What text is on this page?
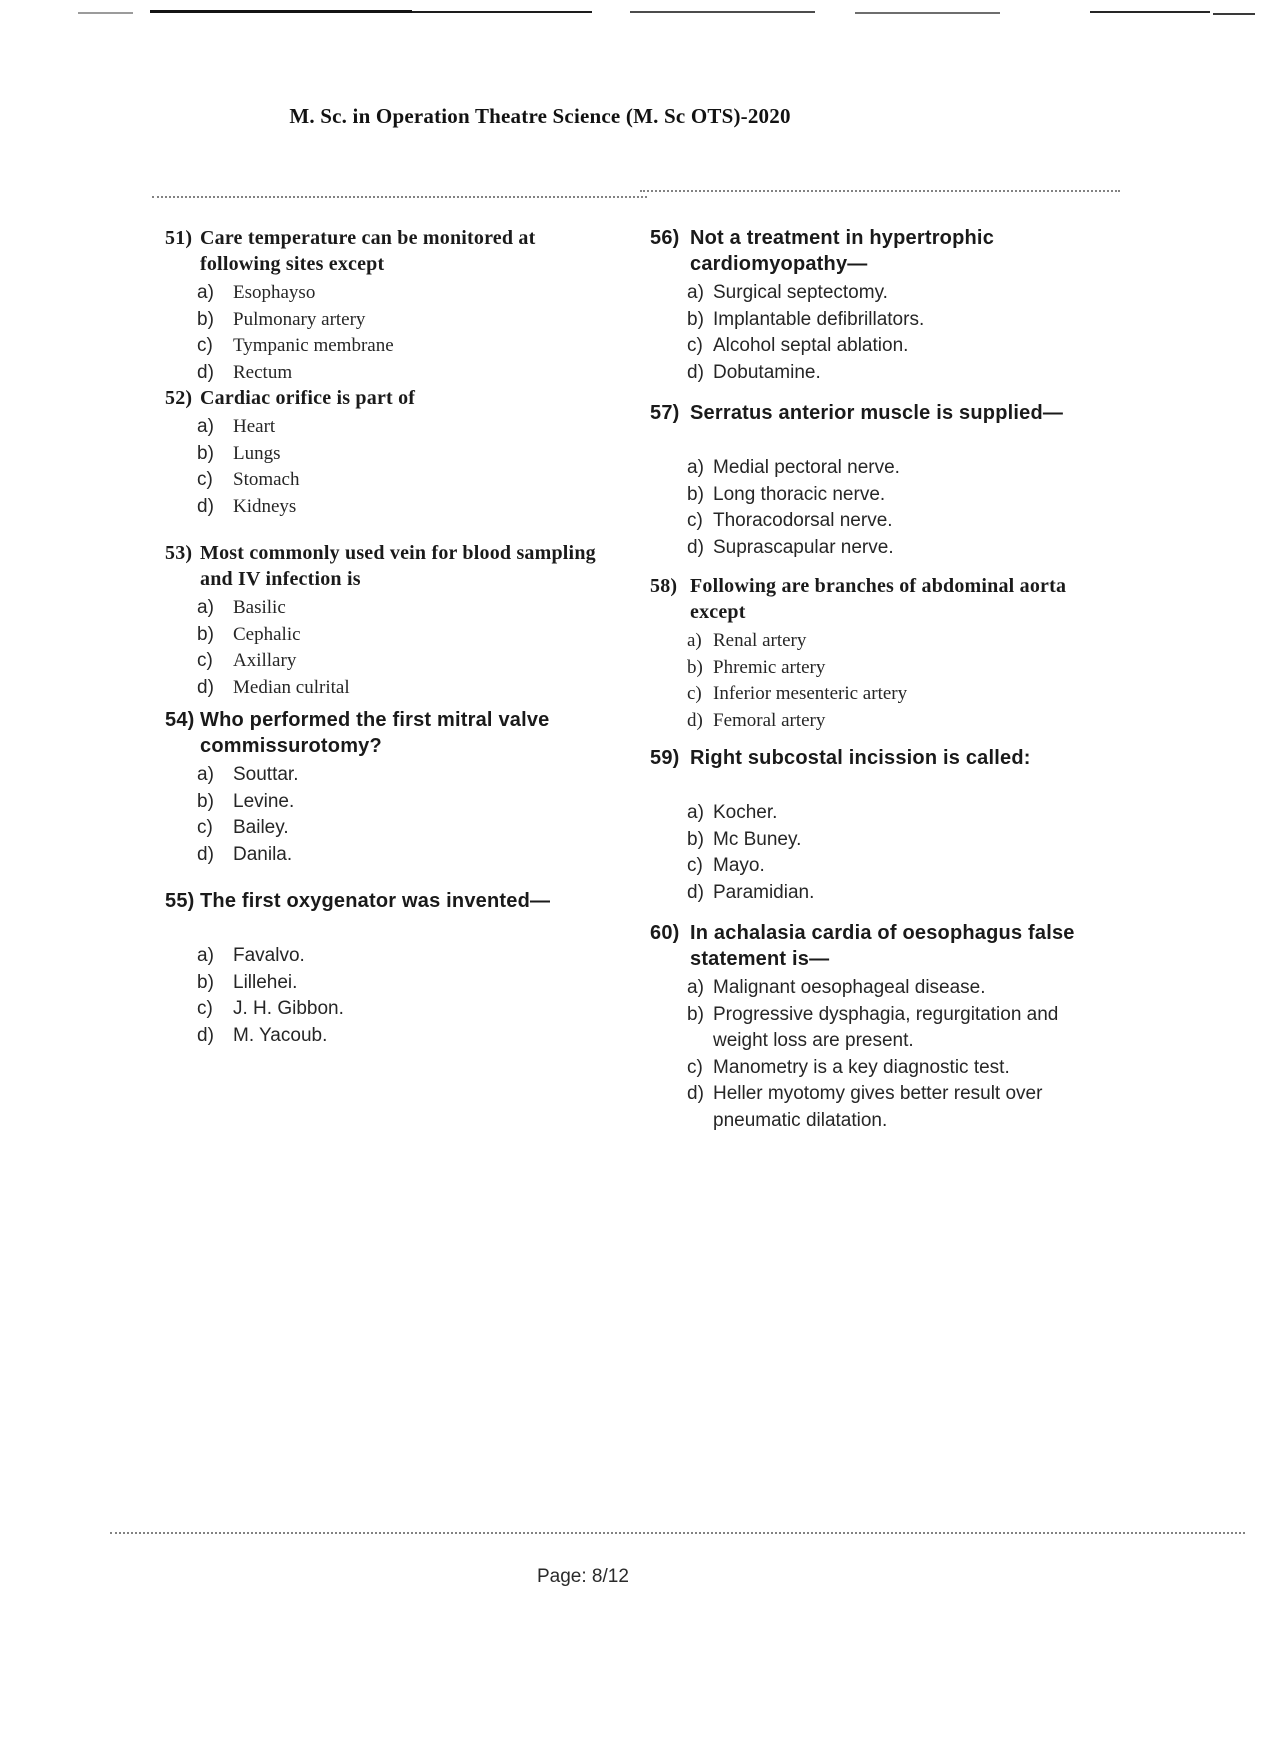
M. Sc. in Operation Theatre Science (M. Sc OTS)-2020
51) Care temperature can be monitored at following sites except
a)	Esophayso
b)	Pulmonary artery
c)	Tympanic membrane
d)	Rectum
52) Cardiac orifice is part of
a)	Heart
b)	Lungs
c)	Stomach
d)	Kidneys
53) Most commonly used vein for blood sampling and IV infection is
a)	Basilic
b)	Cephalic
c)	Axillary
d)	Median culrital
54) Who performed the first mitral valve commissurotomy?
a)	Souttar.
b)	Levine.
c)	Bailey.
d)	Danila.
55) The first oxygenator was invented—
a)	Favalvo.
b)	Lillehei.
c)	J. H. Gibbon.
d)	M. Yacoub.
56) Not a treatment in hypertrophic cardiomyopathy—
a) Surgical septectomy.
b) Implantable defibrillators.
c) Alcohol septal ablation.
d) Dobutamine.
57) Serratus anterior muscle is supplied—
a) Medial pectoral nerve.
b) Long thoracic nerve.
c) Thoracodorsal nerve.
d) Suprascapular nerve.
58) Following are branches of abdominal aorta except
a) Renal artery
b) Phremic artery
c) Inferior mesenteric artery
d) Femoral artery
59) Right subcostal incission is called:
a) Kocher.
b) Mc Buney.
c) Mayo.
d) Paramidian.
60) In achalasia cardia of oesophagus false statement is—
a) Malignant oesophageal disease.
b) Progressive dysphagia, regurgitation and weight loss are present.
c) Manometry is a key diagnostic test.
d) Heller myotomy gives better result over pneumatic dilatation.
Page: 8/12
